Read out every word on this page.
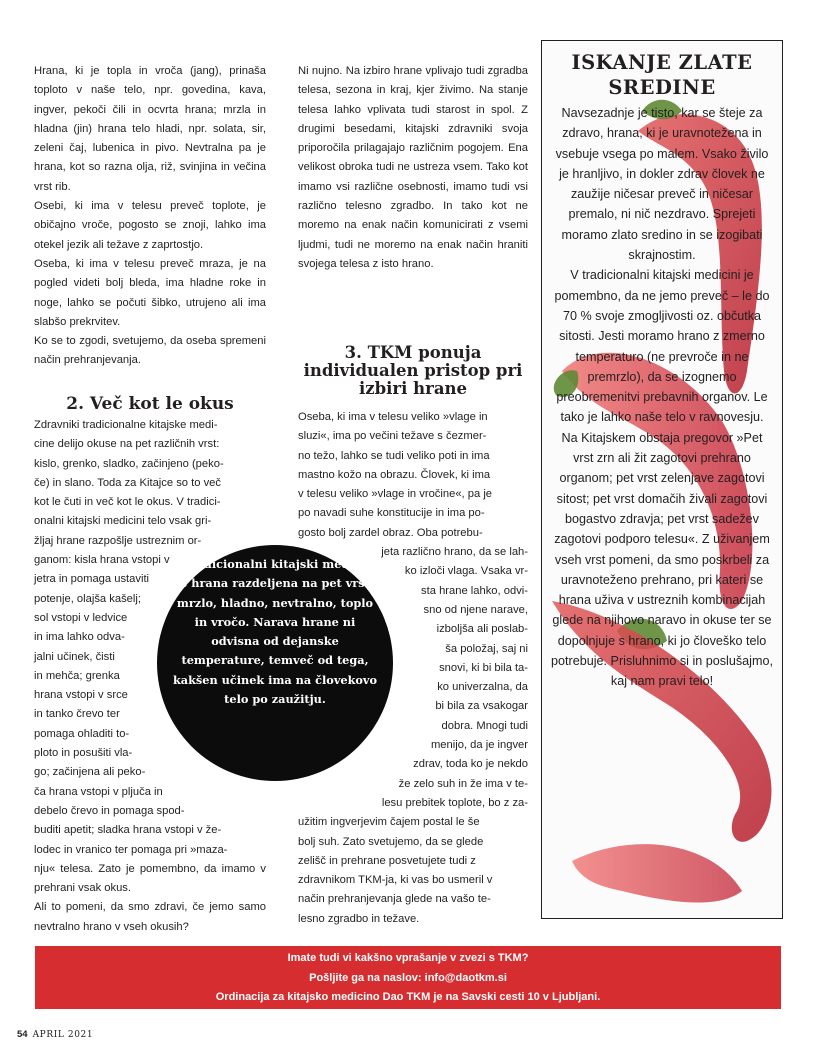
Hrana, ki je topla in vroča (jang), prinaša toploto v naše telo, npr. govedina, kava, ingver, pekoči čili in ocvrta hrana; mrzla in hladna (jin) hrana telo hladi, npr. solata, sir, zeleni čaj, lubenica in pivo. Nevtralna pa je hrana, kot so razna olja, riž, svinjina in večina vrst rib.

Osebi, ki ima v telesu preveč toplote, je običajno vroče, pogosto se znoji, lahko ima otekel jezik ali težave z zaprtostjo.

Oseba, ki ima v telesu preveč mraza, je na pogled videti bolj bleda, ima hladne roke in noge, lahko se počuti šibko, utrujeno ali ima slabšo prekrvitev.

Ko se to zgodi, svetujemo, da oseba spremeni način prehranjevanja.

2. Več kot le okus
Zdravniki tradicionalne kitajske medi-
cine delijo okuse na pet različnih vrst:
kislo, grenko, sladko, začinjeno (peko-
če) in slano. Toda za Kitajce so to več
kot le čuti in več kot le okus. V tradici-
onalni kitajski medicini telo vsak gri-
žljaj hrane razpošlje ustreznim or-
ganom: kisla hrana vstopi v
jetra in pomaga ustaviti
potenje, olajša kašelj;
sol vstopi v ledvice
in ima lahko odva-
jalni učinek, čisti
in mehča; grenka
hrana vstopi v srce
in tanko črevo ter
pomaga ohladiti to-
ploto in posušiti vla-
go; začinjena ali peko-
ča hrana vstopi v pljuča in
debelo črevo in pomaga spod-
buditi apetit; sladka hrana vstopi v že-
lodec in vranico ter pomaga pri »maza-
nju« telesa. Zato je pomembno, da imamo v prehrani vsak okus.
Ali to pomeni, da smo zdravi, če jemo samo nevtralno hrano v vseh okusih?

Ni nujno. Na izbiro hrane vplivajo tudi zgradba telesa, sezona in kraj, kjer živimo. Na stanje telesa lahko vplivata tudi starost in spol. Z drugimi besedami, kitajski zdravniki svoja priporočila prilagajajo različnim pogojem. Ena velikost obroka tudi ne ustreza vsem. Tako kot imamo vsi različne osebnosti, imamo tudi vsi različno telesno zgradbo. In tako kot ne moremo na enak način komunicirati z vsemi ljudmi, tudi ne moremo na enak način hraniti svojega telesa z isto hrano.

3. TKM ponuja
individualen pristop pri
izbiri hrane
Oseba, ki ima v telesu veliko »vlage in
sluzi«, ima po večini težave s čezmer-
no težo, lahko se tudi veliko poti in ima
mastno kožo na obrazu. Človek, ki ima
v telesu veliko »vlage in vročine«, pa je
po navadi suhe konstitucije in ima po-
gosto bolj zardel obraz. Oba potrebu-
jeta različno hrano, da se lah-
ko izloči vlaga. Vsaka vr-
sta hrane lahko, odvi-
sno od njene narave,
izboljša ali poslab-
ša položaj, saj ni
snovi, ki bi bila ta-
ko univerzalna, da
bi bila za vsakogar
dobra. Mnogi tudi
menijo, da je ingver
zdrav, toda ko je nekdo
že zelo suh in že ima v te-
lesu prebitek toplote, bo z za-
užitim ingverjevim čajem postal le še
bolj suh. Zato svetujemo, da se glede
zelišč in prehrane posvetujete tudi z
zdravnikom TKM-ja, ki vas bo usmeril v
način prehranjevanja glede na vašo te-
lesno zgradbo in težave.
V tradicionalni kitajski medicini je hrana razdeljena na pet vrst: mrzlo, hladno, nevtralno, toplo in vročo. Narava hrane ni odvisna od dejanske temperature, temveč od tega, kakšen učinek ima na človekovo telo po zaužitju.
ISKANJE ZLATE SREDINE

Navsezadnje je tisto, kar se šteje za zdravo, hrana, ki je uravnotežena in vsebuje vsega po malem. Vsako živilo je hranljivo, in dokler zdrav človek ne zaužije ničesar preveč in ničesar premalo, ni nič nezdravo. Sprejeti moramo zlato sredino in se izogibati skrajnostim.

V tradicionalni kitajski medicini je pomembno, da ne jemo preveč – le do 70 % svoje zmogljivosti oz. občutka sitosti. Jesti moramo hrano z zmerno temperaturo (ne prevroče in ne premrzlo), da se izognemo preobremenitvi prebavnih organov. Le tako je lahko naše telo v ravnovesju.

Na Kitajskem obstaja pregovor »Pet vrst zrn ali žit zagotovi prehrano organom; pet vrst zelenjave zagotovi sitost; pet vrst domačih živali zagotovi bogastvo zdravja; pet vrst sadežev zagotovi podporo telesu«. Z uživanjem vseh vrst pomeni, da smo poskrbeli za uravnoteženo prehrano, pri kateri se hrana uživa v ustreznih kombinacijah glede na njihovo naravo in okuse ter se dopolnjuje s hrano, ki jo človeško telo potrebuje. Prisluhnimo si in poslušajmo, kaj nam pravi telo!

Imate tudi vi kakšno vprašanje v zvezi s TKM?
Pošljite ga na naslov: info@daotkm.si
Ordinacija za kitajsko medicino Dao TKM je na Savski cesti 10 v Ljubljani.
54 APRIL 2021
